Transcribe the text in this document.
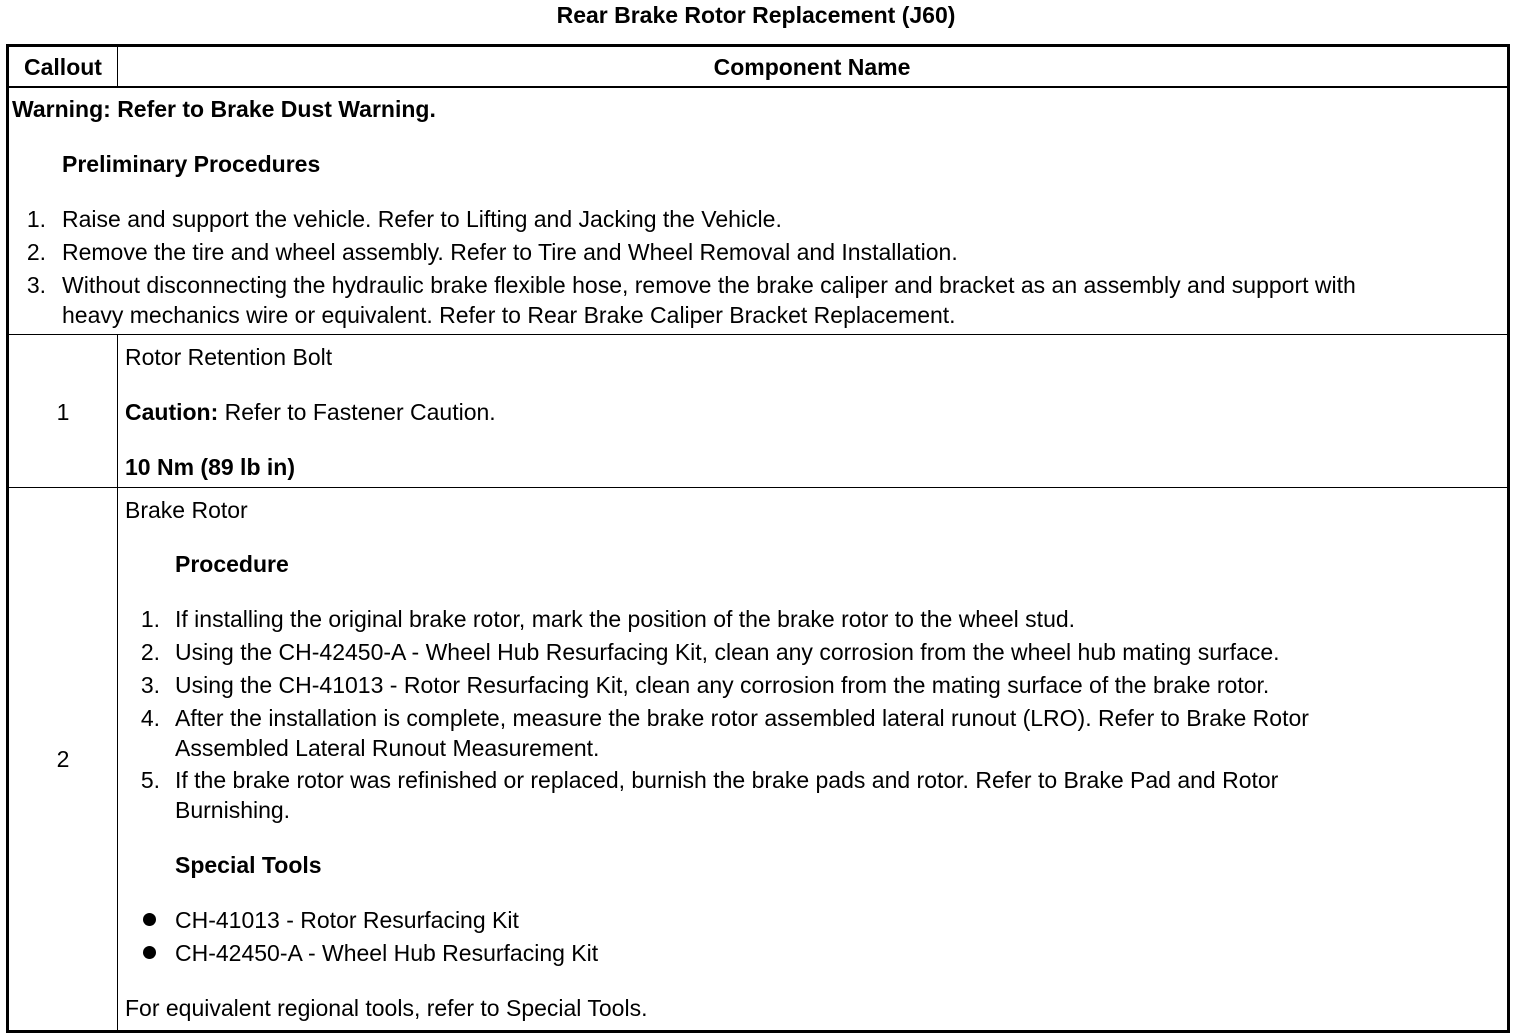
Rear Brake Rotor Replacement (J60)
Callout	Component Name
Warning: Refer to Brake Dust Warning.
Preliminary Procedures
1. Raise and support the vehicle. Refer to Lifting and Jacking the Vehicle.
2. Remove the tire and wheel assembly. Refer to Tire and Wheel Removal and Installation.
3. Without disconnecting the hydraulic brake flexible hose, remove the brake caliper and bracket as an assembly and support with
heavy mechanics wire or equivalent. Refer to Rear Brake Caliper Bracket Replacement.
1
Rotor Retention Bolt
Caution: Refer to Fastener Caution.
10 Nm (89 lb in)
2
Brake Rotor
Procedure
1. If installing the original brake rotor, mark the position of the brake rotor to the wheel stud.
2. Using the CH-42450-A - Wheel Hub Resurfacing Kit, clean any corrosion from the wheel hub mating surface.
3. Using the CH-41013 - Rotor Resurfacing Kit, clean any corrosion from the mating surface of the brake rotor.
4. After the installation is complete, measure the brake rotor assembled lateral runout (LRO). Refer to Brake Rotor
Assembled Lateral Runout Measurement.
5. If the brake rotor was refinished or replaced, burnish the brake pads and rotor. Refer to Brake Pad and Rotor
Burnishing.
Special Tools
CH-41013 - Rotor Resurfacing Kit
CH-42450-A - Wheel Hub Resurfacing Kit
For equivalent regional tools, refer to Special Tools.
